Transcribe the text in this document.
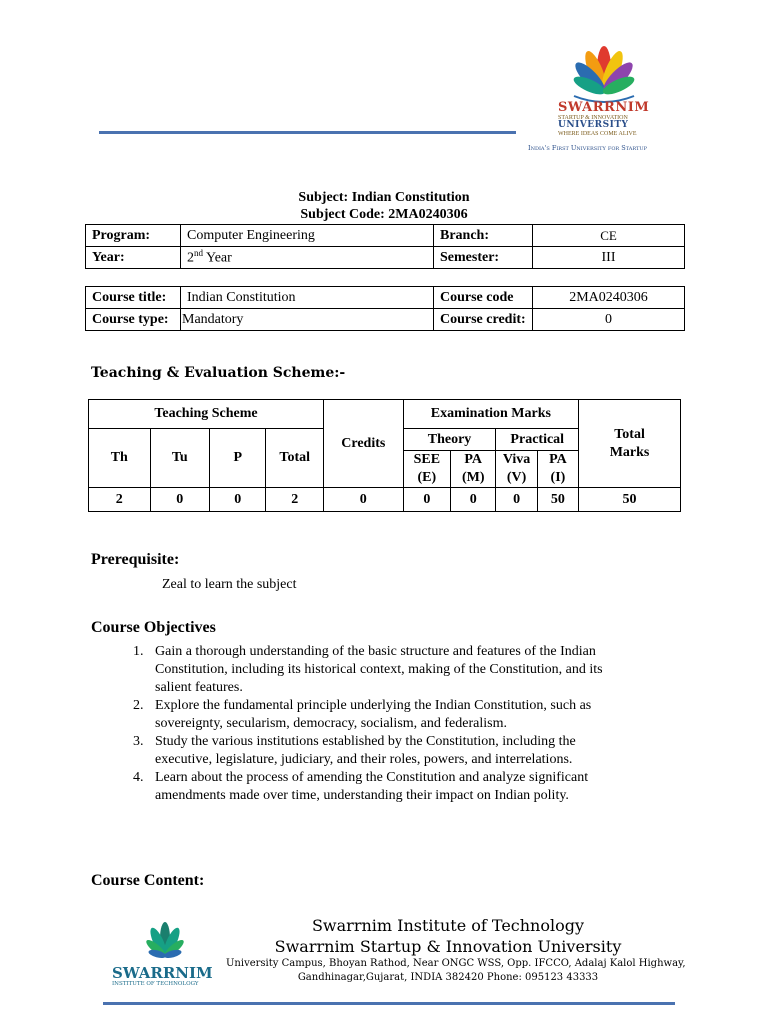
SWARRNIM
STARTUP & INNOVATION
UNIVERSITY
WHERE IDEAS COME ALIVE
India's First University for Startup
Subject: Indian Constitution
Subject Code: 2MA0240306
Program:	Computer Engineering	Branch:	CE
Year:	2nd Year	Semester:	III
Course title:	Indian Constitution	Course code	2MA0240306
Course type:	Mandatory	Course credit:	0
Teaching & Evaluation Scheme:-
Teaching Scheme				Credits	Examination Marks				Total Marks

Th	Tu	P	Total		Theory		Practical		

					SEE (E)	PA (M)	Viva (V)	PA (I)	

2	0	0	2	0	0	0	0	50	50
Prerequisite:
Zeal to learn the subject
Course Objectives
1. Gain a thorough understanding of the basic structure and features of the Indian
Constitution, including its historical context, making of the Constitution, and its
salient features.
2. Explore the fundamental principle underlying the Indian Constitution, such as
sovereignty, secularism, democracy, socialism, and federalism.
3. Study the various institutions established by the Constitution, including the
executive, legislature, judiciary, and their roles, powers, and interrelations.
4. Learn about the process of amending the Constitution and analyze significant
amendments made over time, understanding their impact on Indian polity.
Course Content:
SWARRNIM
INSTITUTE OF TECHNOLOGY
Swarrnim Institute of Technology
Swarrnim Startup & Innovation University
University Campus, Bhoyan Rathod, Near ONGC WSS, Opp. IFCCO, Adalaj Kalol Highway,
Gandhinagar,Gujarat, INDIA 382420 Phone: 095123 43333
